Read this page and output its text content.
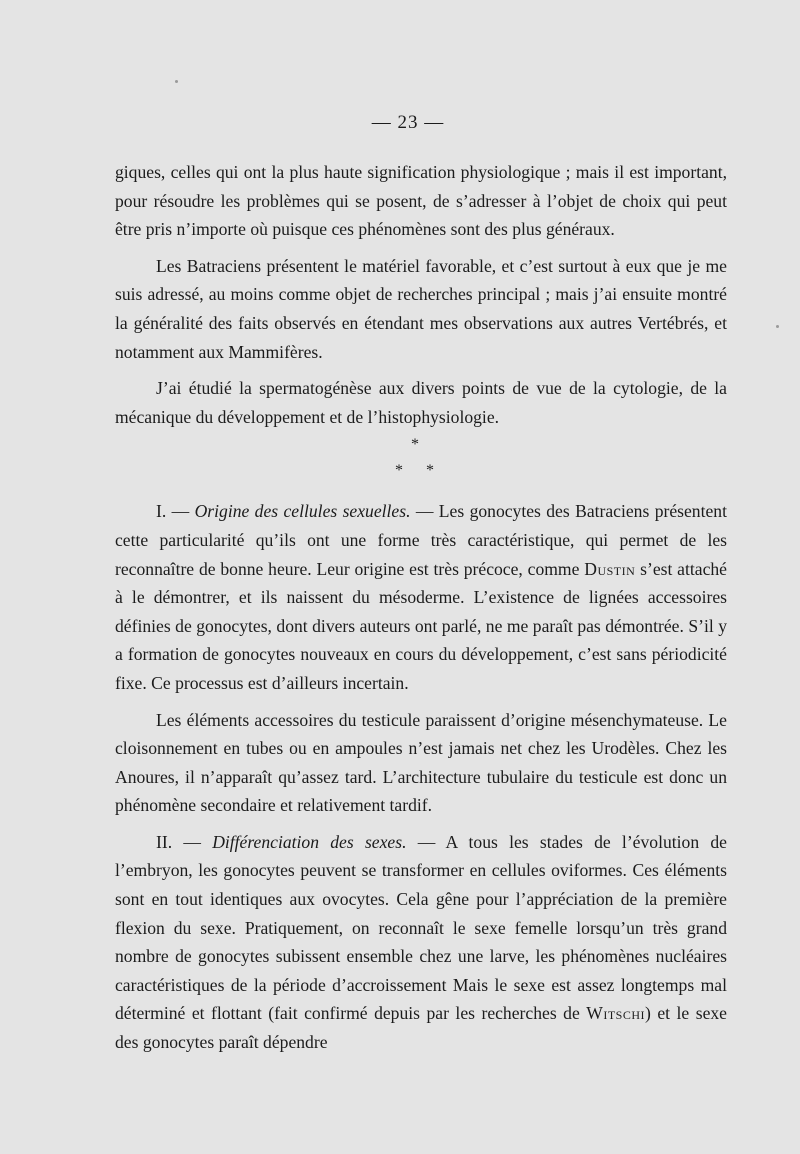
— 23 —

giques, celles qui ont la plus haute signification physiologique ; mais il est important, pour résoudre les problèmes qui se posent, de s’adresser à l’objet de choix qui peut être pris n’importe où puisque ces phénomènes sont des plus généraux.

Les Batraciens présentent le matériel favorable, et c’est surtout à eux que je me suis adressé, au moins comme objet de recherches principal ; mais j’ai ensuite montré la généralité des faits observés en étendant mes observations aux autres Vertébrés, et notamment aux Mammifères.

J’ai étudié la spermatogénèse aux divers points de vue de la cytologie, de la mécanique du développement et de l’histophysiologie.

*
* *

I. — Origine des cellules sexuelles. — Les gonocytes des Batraciens présentent cette particularité qu’ils ont une forme très caractéristique, qui permet de les reconnaître de bonne heure. Leur origine est très précoce, comme Dustin s’est attaché à le démontrer, et ils naissent du mésoderme. L’existence de lignées accessoires définies de gonocytes, dont divers auteurs ont parlé, ne me paraît pas démontrée. S’il y a formation de gonocytes nouveaux en cours du développement, c’est sans périodicité fixe. Ce processus est d’ailleurs incertain.

Les éléments accessoires du testicule paraissent d’origine mésenchymateuse. Le cloisonnement en tubes ou en ampoules n’est jamais net chez les Urodèles. Chez les Anoures, il n’apparaît qu’assez tard. L’architecture tubulaire du testicule est donc un phénomène secondaire et relativement tardif.

II. — Différenciation des sexes. — A tous les stades de l’évolution de l’embryon, les gonocytes peuvent se transformer en cellules oviformes. Ces éléments sont en tout identiques aux ovocytes. Cela gêne pour l’appréciation de la première flexion du sexe. Pratiquement, on reconnaît le sexe femelle lorsqu’un très grand nombre de gonocytes subissent ensemble chez une larve, les phénomènes nucléaires caractéristiques de la période d’accroissement Mais le sexe est assez longtemps mal déterminé et flottant (fait confirmé depuis par les recherches de Witschi) et le sexe des gonocytes paraît dépendre
